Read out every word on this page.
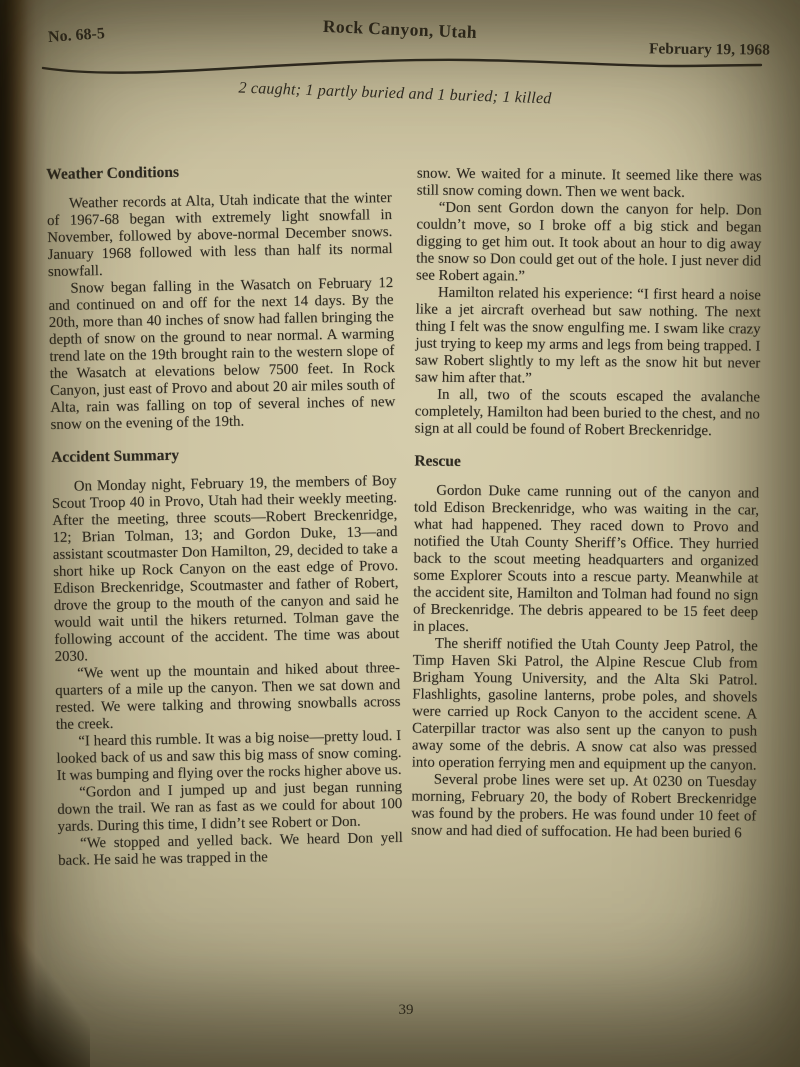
No. 68-5	Rock Canyon, Utah
February 19, 1968
2 caught; 1 partly buried and 1 buried; 1 killed
Weather Conditions

Weather records at Alta, Utah indicate that the winter of 1967-68 began with extremely light snowfall in November, followed by above-normal December snows. January 1968 followed with less than half its normal snowfall.

Snow began falling in the Wasatch on February 12 and continued on and off for the next 14 days. By the 20th, more than 40 inches of snow had fallen bringing the depth of snow on the ground to near normal. A warming trend late on the 19th brought rain to the western slope of the Wasatch at elevations below 7500 feet. In Rock Canyon, just east of Provo and about 20 air miles south of Alta, rain was falling on top of several inches of new snow on the evening of the 19th.

Accident Summary

On Monday night, February 19, the members of Boy Scout Troop 40 in Provo, Utah had their weekly meeting. After the meeting, three scouts—Robert Breckenridge, 12; Brian Tolman, 13; and Gordon Duke, 13—and assistant scoutmaster Don Hamilton, 29, decided to take a short hike up Rock Canyon on the east edge of Provo. Edison Breckenridge, Scoutmaster and father of Robert, drove the group to the mouth of the canyon and said he would wait until the hikers returned. Tolman gave the following account of the accident. The time was about 2030.

“We went up the mountain and hiked about three-quarters of a mile up the canyon. Then we sat down and rested. We were talking and throwing snowballs across the creek.

“I heard this rumble. It was a big noise—pretty loud. I looked back of us and saw this big mass of snow coming. It was bumping and flying over the rocks higher above us.

“Gordon and I jumped up and just began running down the trail. We ran as fast as we could for about 100 yards. During this time, I didn’t see Robert or Don.

“We stopped and yelled back. We heard Don yell back. He said he was trapped in the

snow. We waited for a minute. It seemed like there was still snow coming down. Then we went back.

“Don sent Gordon down the canyon for help. Don couldn’t move, so I broke off a big stick and began digging to get him out. It took about an hour to dig away the snow so Don could get out of the hole. I just never did see Robert again.”

Hamilton related his experience: “I first heard a noise like a jet aircraft overhead but saw nothing. The next thing I felt was the snow engulfing me. I swam like crazy just trying to keep my arms and legs from being trapped. I saw Robert slightly to my left as the snow hit but never saw him after that.”

In all, two of the scouts escaped the avalanche completely, Hamilton had been buried to the chest, and no sign at all could be found of Robert Breckenridge.

Rescue

Gordon Duke came running out of the canyon and told Edison Breckenridge, who was waiting in the car, what had happened. They raced down to Provo and notified the Utah County Sheriff’s Office. They hurried back to the scout meeting headquarters and organized some Explorer Scouts into a rescue party. Meanwhile at the accident site, Hamilton and Tolman had found no sign of Breckenridge. The debris appeared to be 15 feet deep in places.

The sheriff notified the Utah County Jeep Patrol, the Timp Haven Ski Patrol, the Alpine Rescue Club from Brigham Young University, and the Alta Ski Patrol. Flashlights, gasoline lanterns, probe poles, and shovels were carried up Rock Canyon to the accident scene. A Caterpillar tractor was also sent up the canyon to push away some of the debris. A snow cat also was pressed into operation ferrying men and equipment up the canyon.

Several probe lines were set up. At 0230 on Tuesday morning, February 20, the body of Robert Breckenridge was found by the probers. He was found under 10 feet of snow and had died of suffocation. He had been buried 6

39
